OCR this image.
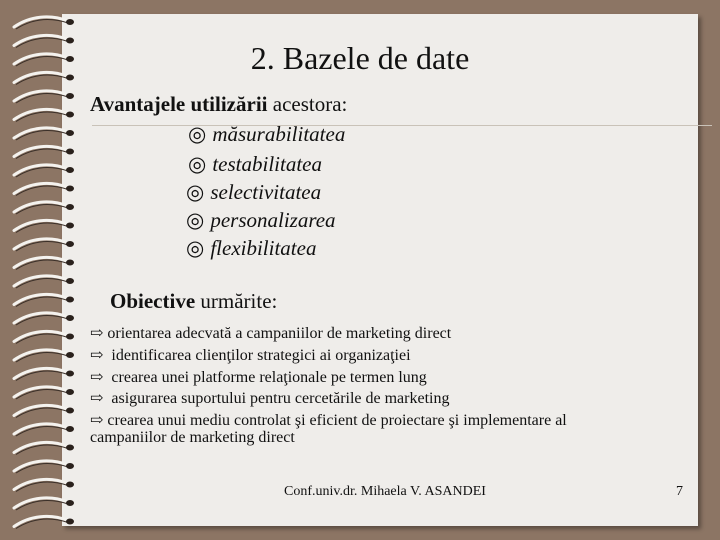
2. Bazele de date
Avantajele utilizării acestora:
◎ măsurabilitatea
◎ testabilitatea
◎ selectivitatea
◎ personalizarea
◎ flexibilitatea
Obiective urmărite:
⇨ orientarea adecvată a campaniilor de marketing direct
⇨ identificarea clienţilor strategici ai organizaţiei
⇨ crearea unei platforme relaţionale pe termen lung
⇨ asigurarea suportului pentru cercetările de marketing
⇨ crearea unui mediu controlat şi eficient de proiectare şi implementare al
campaniilor de marketing direct
Conf.univ.dr. Mihaela V. ASANDEI	7
